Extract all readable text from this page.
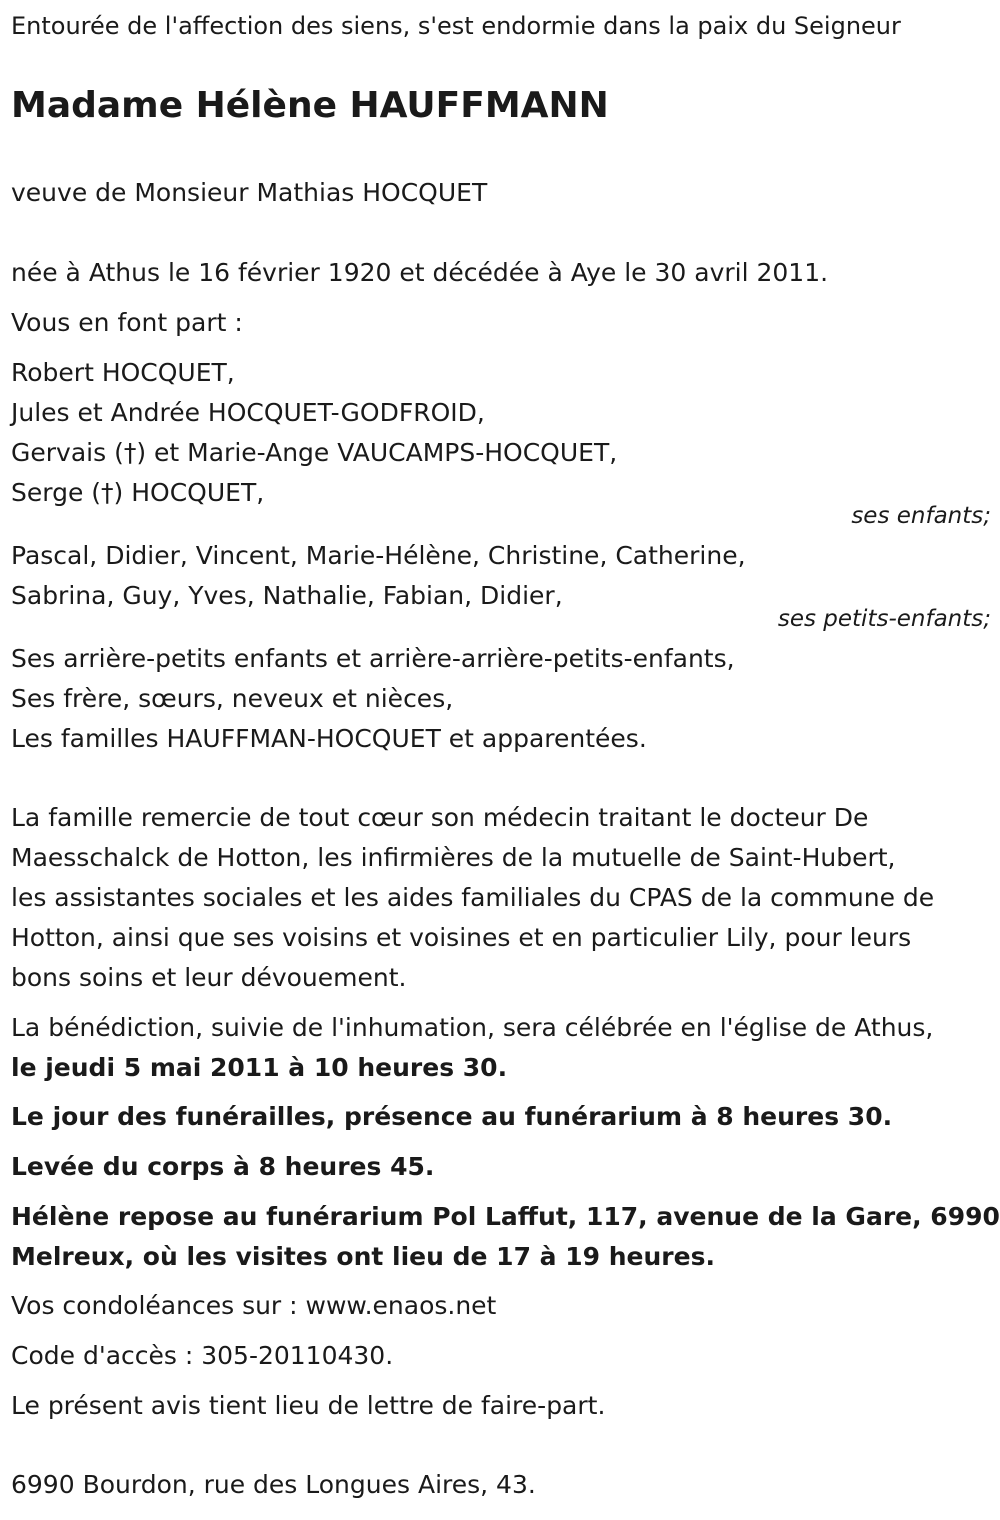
Entourée de l'affection des siens, s'est endormie dans la paix du Seigneur
Madame Hélène HAUFFMANN
veuve de Monsieur Mathias HOCQUET
née à Athus le 16 février 1920 et décédée à Aye le 30 avril 2011.
Vous en font part :
Robert HOCQUET,
Jules et Andrée HOCQUET-GODFROID,
Gervais (†) et Marie-Ange VAUCAMPS-HOCQUET,
Serge (†) HOCQUET,
ses enfants;
Pascal, Didier, Vincent, Marie-Hélène, Christine, Catherine,
Sabrina, Guy, Yves, Nathalie, Fabian, Didier,
ses petits-enfants;
Ses arrière-petits enfants et arrière-arrière-petits-enfants,
Ses frère, sœurs, neveux et nièces,
Les familles HAUFFMAN-HOCQUET et apparentées.
La famille remercie de tout cœur son médecin traitant le docteur De
Maesschalck de Hotton, les infirmières de la mutuelle de Saint-Hubert,
les assistantes sociales et les aides familiales du CPAS de la commune de
Hotton, ainsi que ses voisins et voisines et en particulier Lily, pour leurs
bons soins et leur dévouement.
La bénédiction, suivie de l'inhumation, sera célébrée en l'église de Athus,
le jeudi 5 mai 2011 à 10 heures 30.
Le jour des funérailles, présence au funérarium à 8 heures 30.
Levée du corps à 8 heures 45.
Hélène repose au funérarium Pol Laffut, 117, avenue de la Gare, 6990
Melreux, où les visites ont lieu de 17 à 19 heures.
Vos condoléances sur : www.enaos.net
Code d'accès : 305-20110430.
Le présent avis tient lieu de lettre de faire-part.
6990 Bourdon, rue des Longues Aires, 43.
